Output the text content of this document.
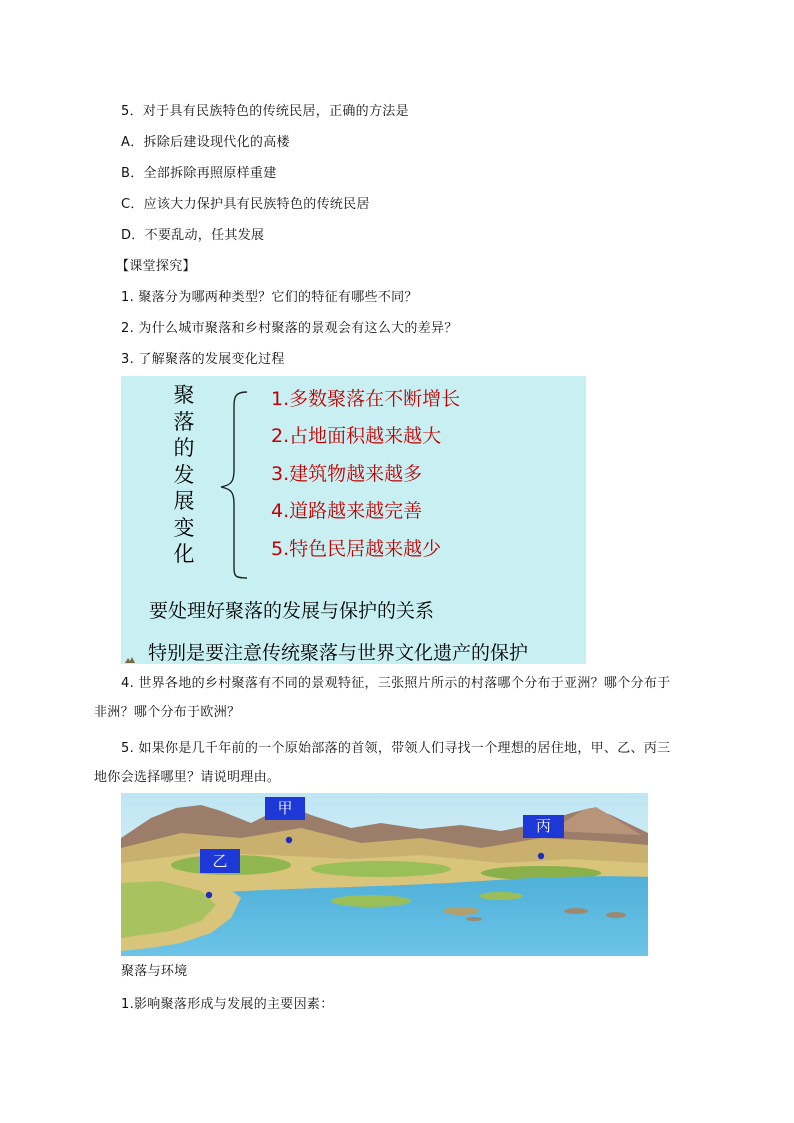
5．对于具有民族特色的传统民居，正确的方法是
A．拆除后建设现代化的高楼
B．全部拆除再照原样重建
C．应该大力保护具有民族特色的传统民居
D．不要乱动，任其发展
【课堂探究】
1. 聚落分为哪两种类型？它们的特征有哪些不同？
2. 为什么城市聚落和乡村聚落的景观会有这么大的差异？
3. 了解聚落的发展变化过程
聚
落
的
发
展
变
化
1.多数聚落在不断增长
2.占地面积越来越大
3.建筑物越来越多
4.道路越来越完善
5.特色民居越来越少
要处理好聚落的发展与保护的关系
特别是要注意传统聚落与世界文化遗产的保护
4. 世界各地的乡村聚落有不同的景观特征，三张照片所示的村落哪个分布于亚洲？哪个分布于
非洲？哪个分布于欧洲？
5. 如果你是几千年前的一个原始部落的首领，带领人们寻找一个理想的居住地，甲、乙、丙三
地你会选择哪里？请说明理由。
甲
乙
丙
聚落与环境
1.影响聚落形成与发展的主要因素：
